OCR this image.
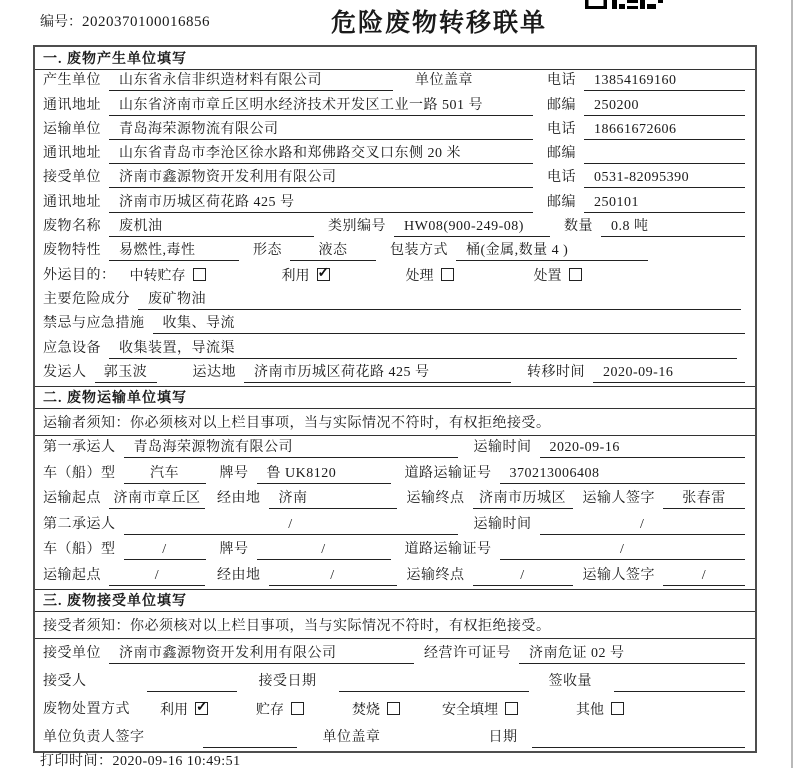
编号：2020370100016856	危险废物转移联单
一. 废物产生单位填写
产生单位	山东省永信非织造材料有限公司	单位盖章	电话	13854169160
通讯地址	山东省济南市章丘区明水经济技术开发区工业一路 501 号	邮编	250200
运输单位	青岛海荣源物流有限公司	电话	18661672606
通讯地址	山东省青岛市李沧区徐水路和郑佛路交叉口东侧 20 米	邮编
接受单位	济南市鑫源物资开发利用有限公司	电话	0531-82095390
通讯地址	济南市历城区荷花路 425 号	邮编	250101
废物名称	废机油	类别编号	HW08(900-249-08)	数量	0.8 吨
废物特性	易燃性,毒性	形态	液态	包装方式	桶(金属,数量 4 )
外运目的： 中转贮存	利用 ✓	处理	处置
主要危险成分	废矿物油
禁忌与应急措施	收集、导流
应急设备	收集装置，导流渠
发运人	郭玉波	运达地	济南市历城区荷花路 425 号	转移时间	2020-09-16
二. 废物运输单位填写
运输者须知：你必须核对以上栏目事项，当与实际情况不符时，有权拒绝接受。
第一承运人	青岛海荣源物流有限公司	运输时间	2020-09-16
车（船）型	汽车	牌号	鲁 UK8120	道路运输证号	370213006408
运输起点 济南市章丘区	经由地	济南	运输终点	济南市历城区	运输人签字	张春雷
第二承运人	/	运输时间	/
车（船）型	/	牌号	/	道路运输证号	/
运输起点	/	经由地	/	运输终点	/	运输人签字	/
三. 废物接受单位填写
接受者须知：你必须核对以上栏目事项，当与实际情况不符时，有权拒绝接受。
接受单位	济南市鑫源物资开发利用有限公司	经营许可证号	济南危证 02 号
接受人	接受日期	签收量
废物处置方式 利用 ✓	贮存	焚烧	安全填埋	其他
单位负责人签字	单位盖章	日期
打印时间：2020-09-16 10:49:51
